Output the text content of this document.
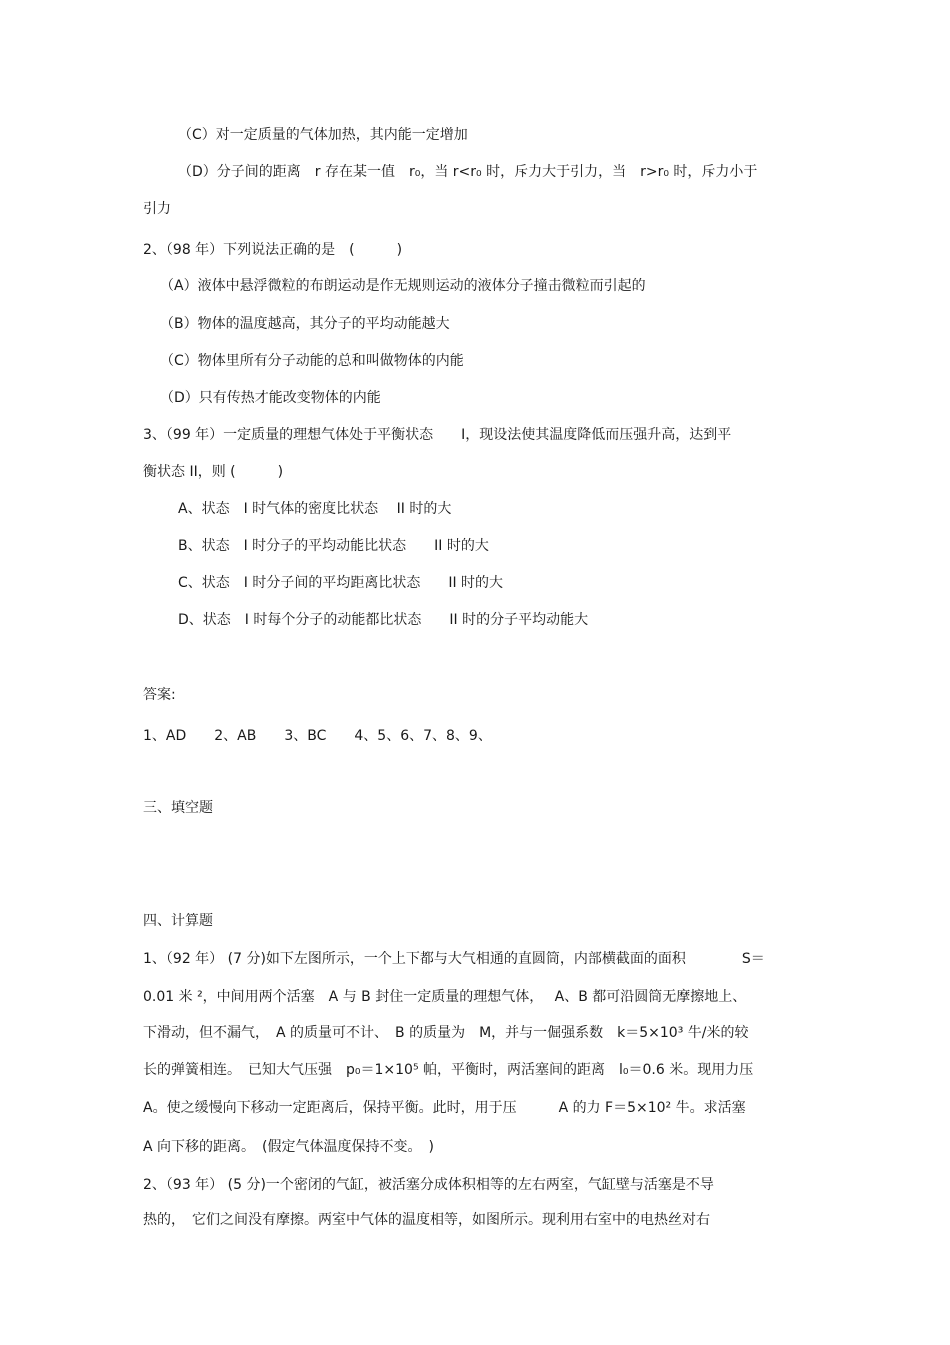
（C）对一定质量的气体加热，其内能一定增加
（D）分子间的距离　r 存在某一值　r₀，当 r<r₀ 时，斥力大于引力，当　r>r₀ 时，斥力小于
引力
2、（98 年）下列说法正确的是　(　　　)
（A）液体中悬浮微粒的布朗运动是作无规则运动的液体分子撞击微粒而引起的
（B）物体的温度越高，其分子的平均动能越大
（C）物体里所有分子动能的总和叫做物体的内能
（D）只有传热才能改变物体的内能
3、（99 年）一定质量的理想气体处于平衡状态　　I，现设法使其温度降低而压强升高，达到平
衡状态 II，则 (　　　)
A、状态　I 时气体的密度比状态　 II 时的大
B、状态　I 时分子的平均动能比状态　　II 时的大
C、状态　I 时分子间的平均距离比状态　　II 时的大
D、状态　I 时每个分子的动能都比状态　　II 时的分子平均动能大
答案:
1、AD　　2、AB　　3、BC　　4、5、6、7、8、9、
三、填空题
四、计算题
1、（92 年） (7 分)如下左图所示，一个上下都与大气相通的直圆筒，内部横截面的面积　　　　S＝
0.01 米 ²，中间用两个活塞　A 与 B 封住一定质量的理想气体，　 A、B 都可沿圆筒无摩擦地上、
下滑动，但不漏气，　A 的质量可不计、　B 的质量为　M，并与一倔强系数　k＝5×10³ 牛/米的较
长的弹簧相连。　已知大气压强　p₀＝1×10⁵ 帕，平衡时，两活塞间的距离　l₀＝0.6 米。现用力压
A。使之缓慢向下移动一定距离后，保持平衡。此时，用于压　　　A 的力 F＝5×10² 牛。求活塞
A 向下移的距离。　(假定气体温度保持不变。　)
2、（93 年） (5 分)一个密闭的气缸，被活塞分成体积相等的左右两室，气缸壁与活塞是不导
热的，　它们之间没有摩擦。两室中气体的温度相等，如图所示。现利用右室中的电热丝对右
